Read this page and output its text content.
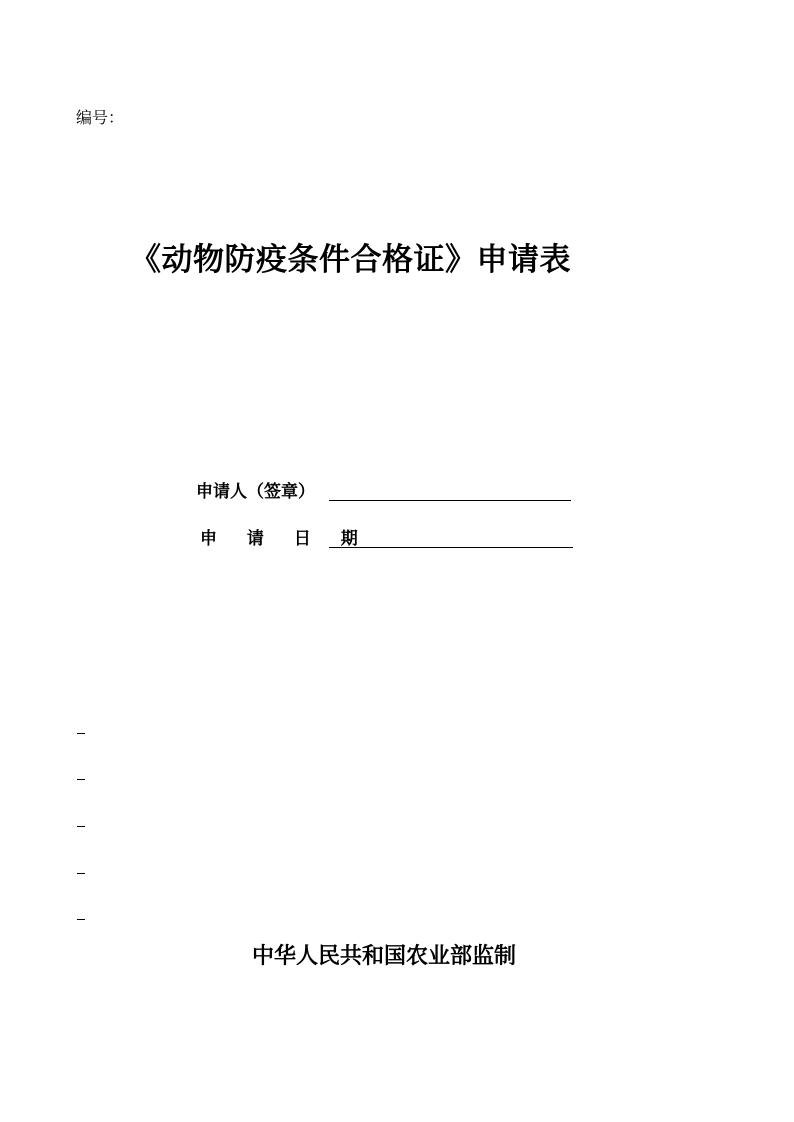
编号：
《动物防疫条件合格证》申请表
申请人（签章）
申 请 日 期
中华人民共和国农业部监制
